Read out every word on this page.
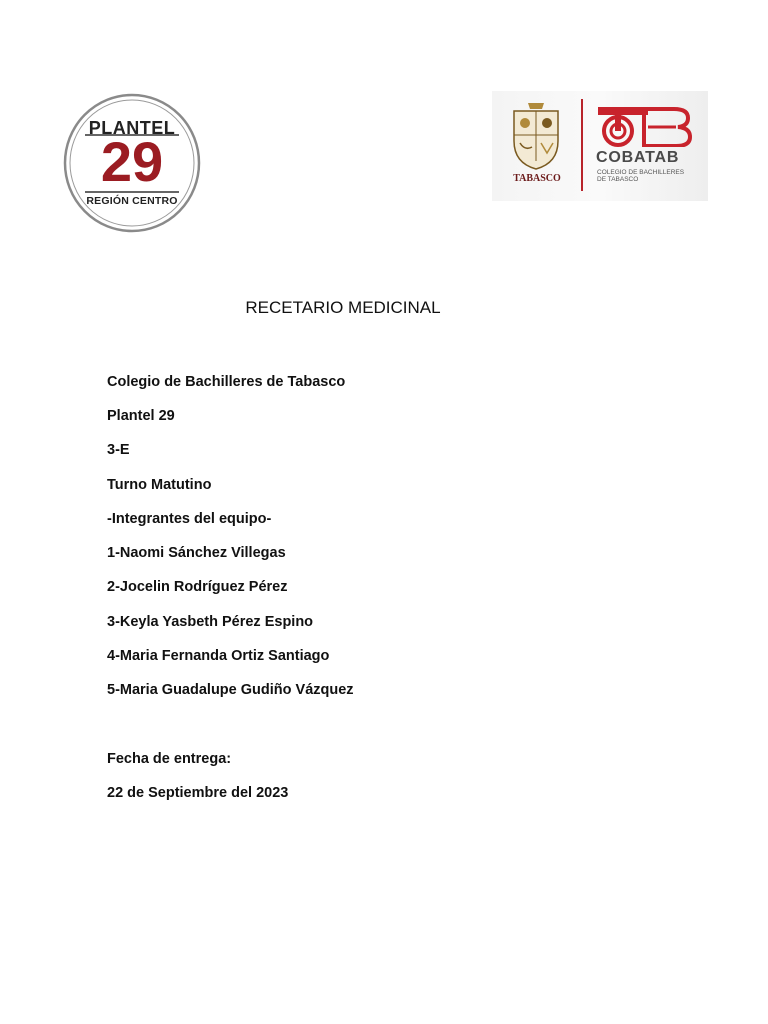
PLANTEL
29
REGIÓN CENTRO
TABASCO
COBATAB
COLEGIO DE BACHILLERES
DE TABASCO
RECETARIO MEDICINAL
Colegio de Bachilleres de Tabasco
Plantel 29
3-E
Turno Matutino
-Integrantes del equipo-
1-Naomi Sánchez Villegas
2-Jocelin Rodríguez Pérez
3-Keyla Yasbeth Pérez Espino
4-Maria Fernanda Ortiz Santiago
5-Maria Guadalupe Gudiño Vázquez
Fecha de entrega:
22 de Septiembre del 2023
